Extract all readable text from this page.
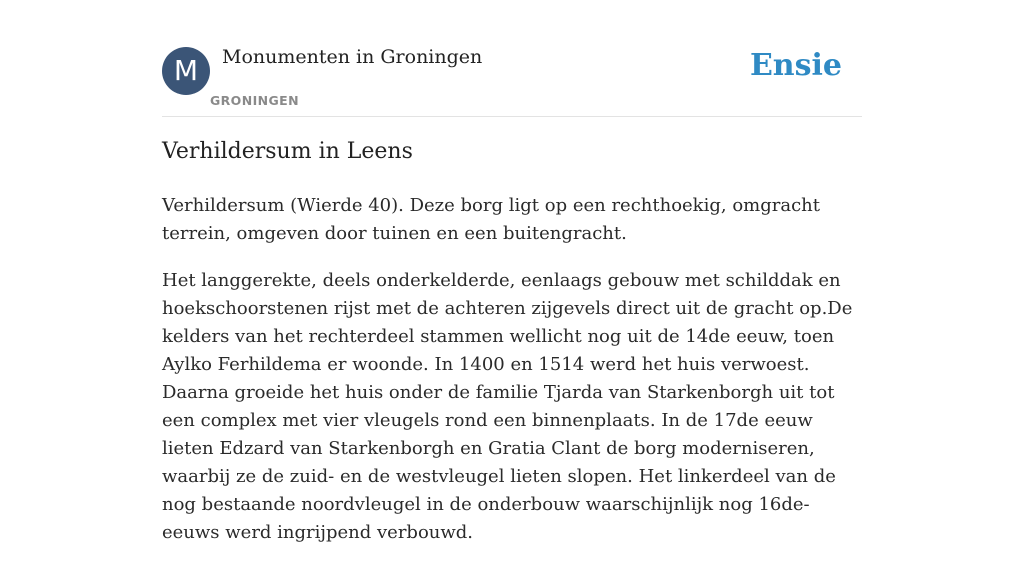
M	Monumenten in Groningen
GRONINGEN
Ensie
Verhildersum in Leens

Verhildersum (Wierde 40). Deze borg ligt op een rechthoekig, omgracht terrein, omgeven door tuinen en een buitengracht.

Het langgerekte, deels onderkelderde, eenlaags gebouw met schilddak en hoekschoorstenen rijst met de achteren zijgevels direct uit de gracht op.De kelders van het rechterdeel stammen wellicht nog uit de 14de eeuw, toen Aylko Ferhildema er woonde. In 1400 en 1514 werd het huis verwoest. Daarna groeide het huis onder de familie Tjarda van Starkenborgh uit tot een complex met vier vleugels rond een binnenplaats. In de 17de eeuw lieten Edzard van Starkenborgh en Gratia Clant de borg moderniseren, waarbij ze de zuid- en de westvleugel lieten slopen. Het linkerdeel van de nog bestaande noordvleugel in de onderbouw waarschijnlijk nog 16de-eeuws werd ingrijpend verbouwd.
